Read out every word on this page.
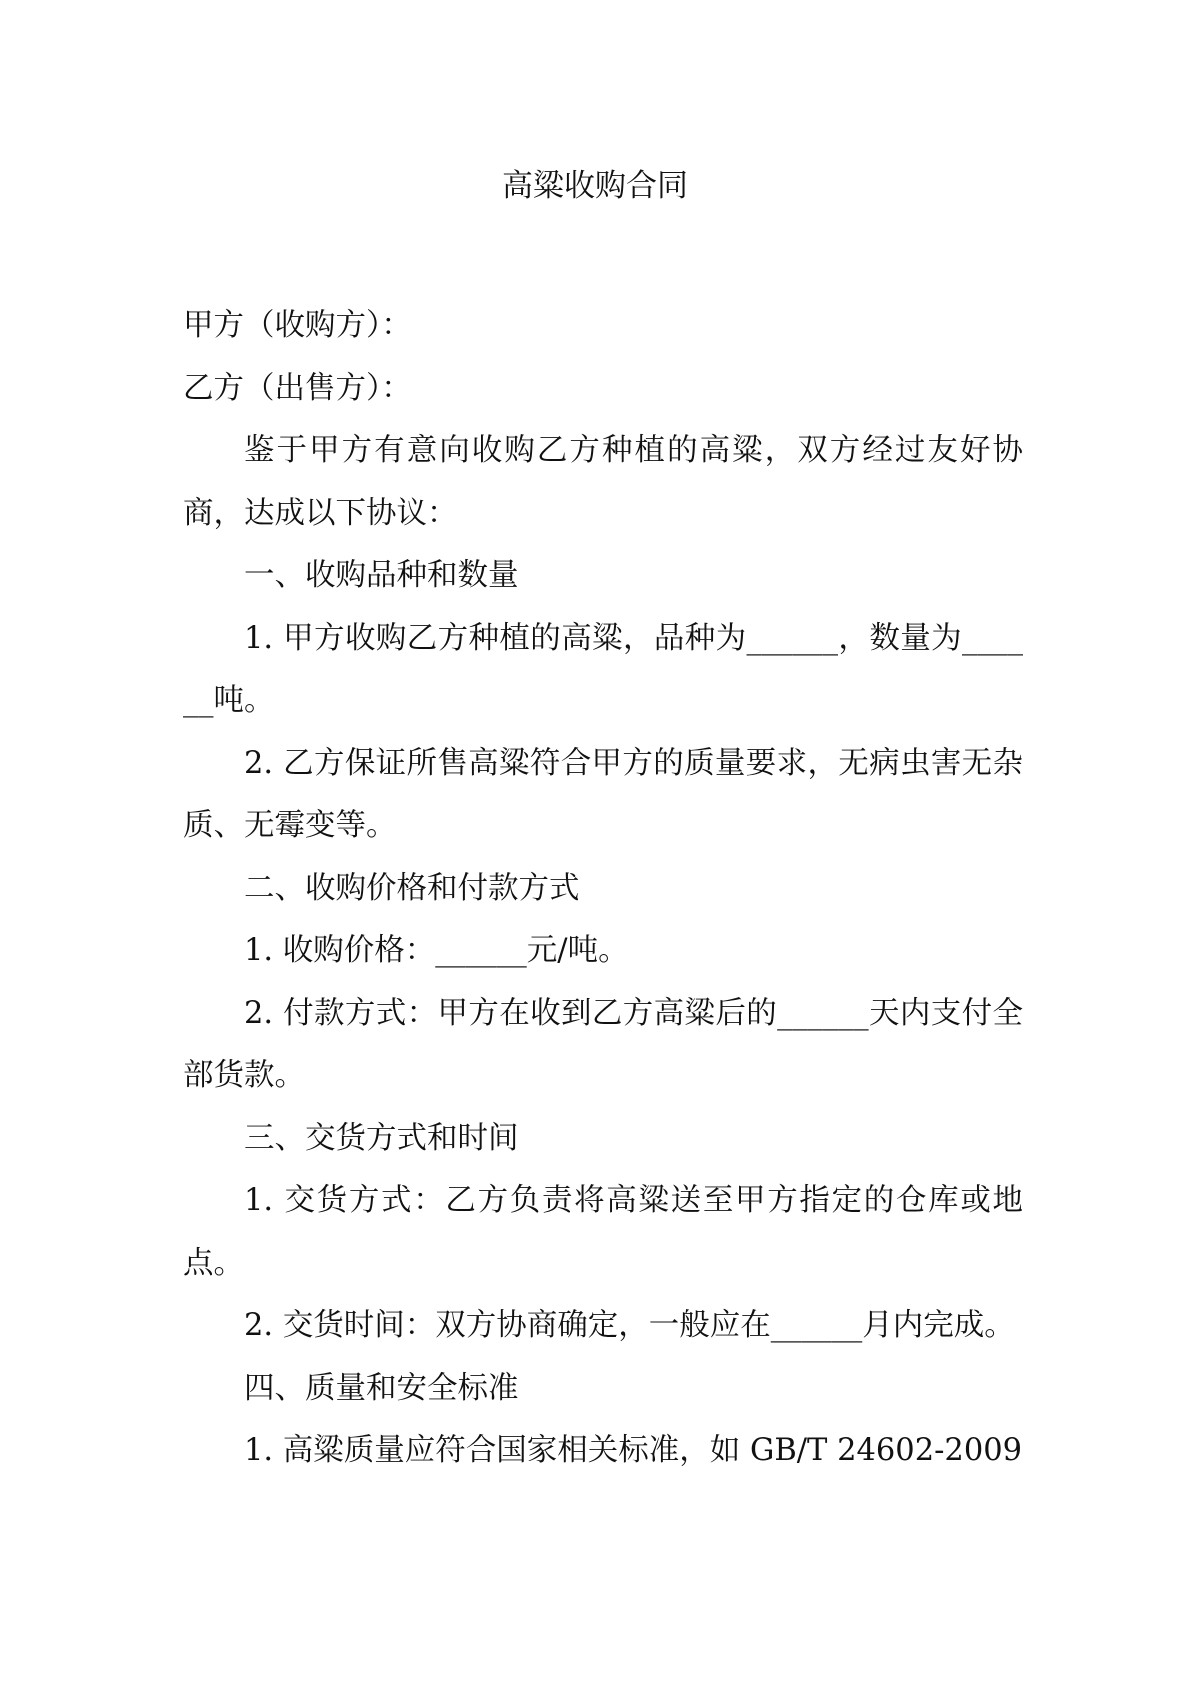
高粱收购合同

甲方（收购方）：

乙方（出售方）：

鉴于甲方有意向收购乙方种植的高粱，双方经过友好协商，达成以下协议：

一、收购品种和数量

1. 甲方收购乙方种植的高粱，品种为______，数量为______吨。

2. 乙方保证所售高粱符合甲方的质量要求，无病虫害无杂质、无霉变等。

二、收购价格和付款方式

1. 收购价格：______元/吨。

2. 付款方式：甲方在收到乙方高粱后的______天内支付全部货款。

三、交货方式和时间

1. 交货方式：乙方负责将高粱送至甲方指定的仓库或地点。

2. 交货时间：双方协商确定，一般应在______月内完成。

四、质量和安全标准

1. 高粱质量应符合国家相关标准，如 GB/T 24602-2009
